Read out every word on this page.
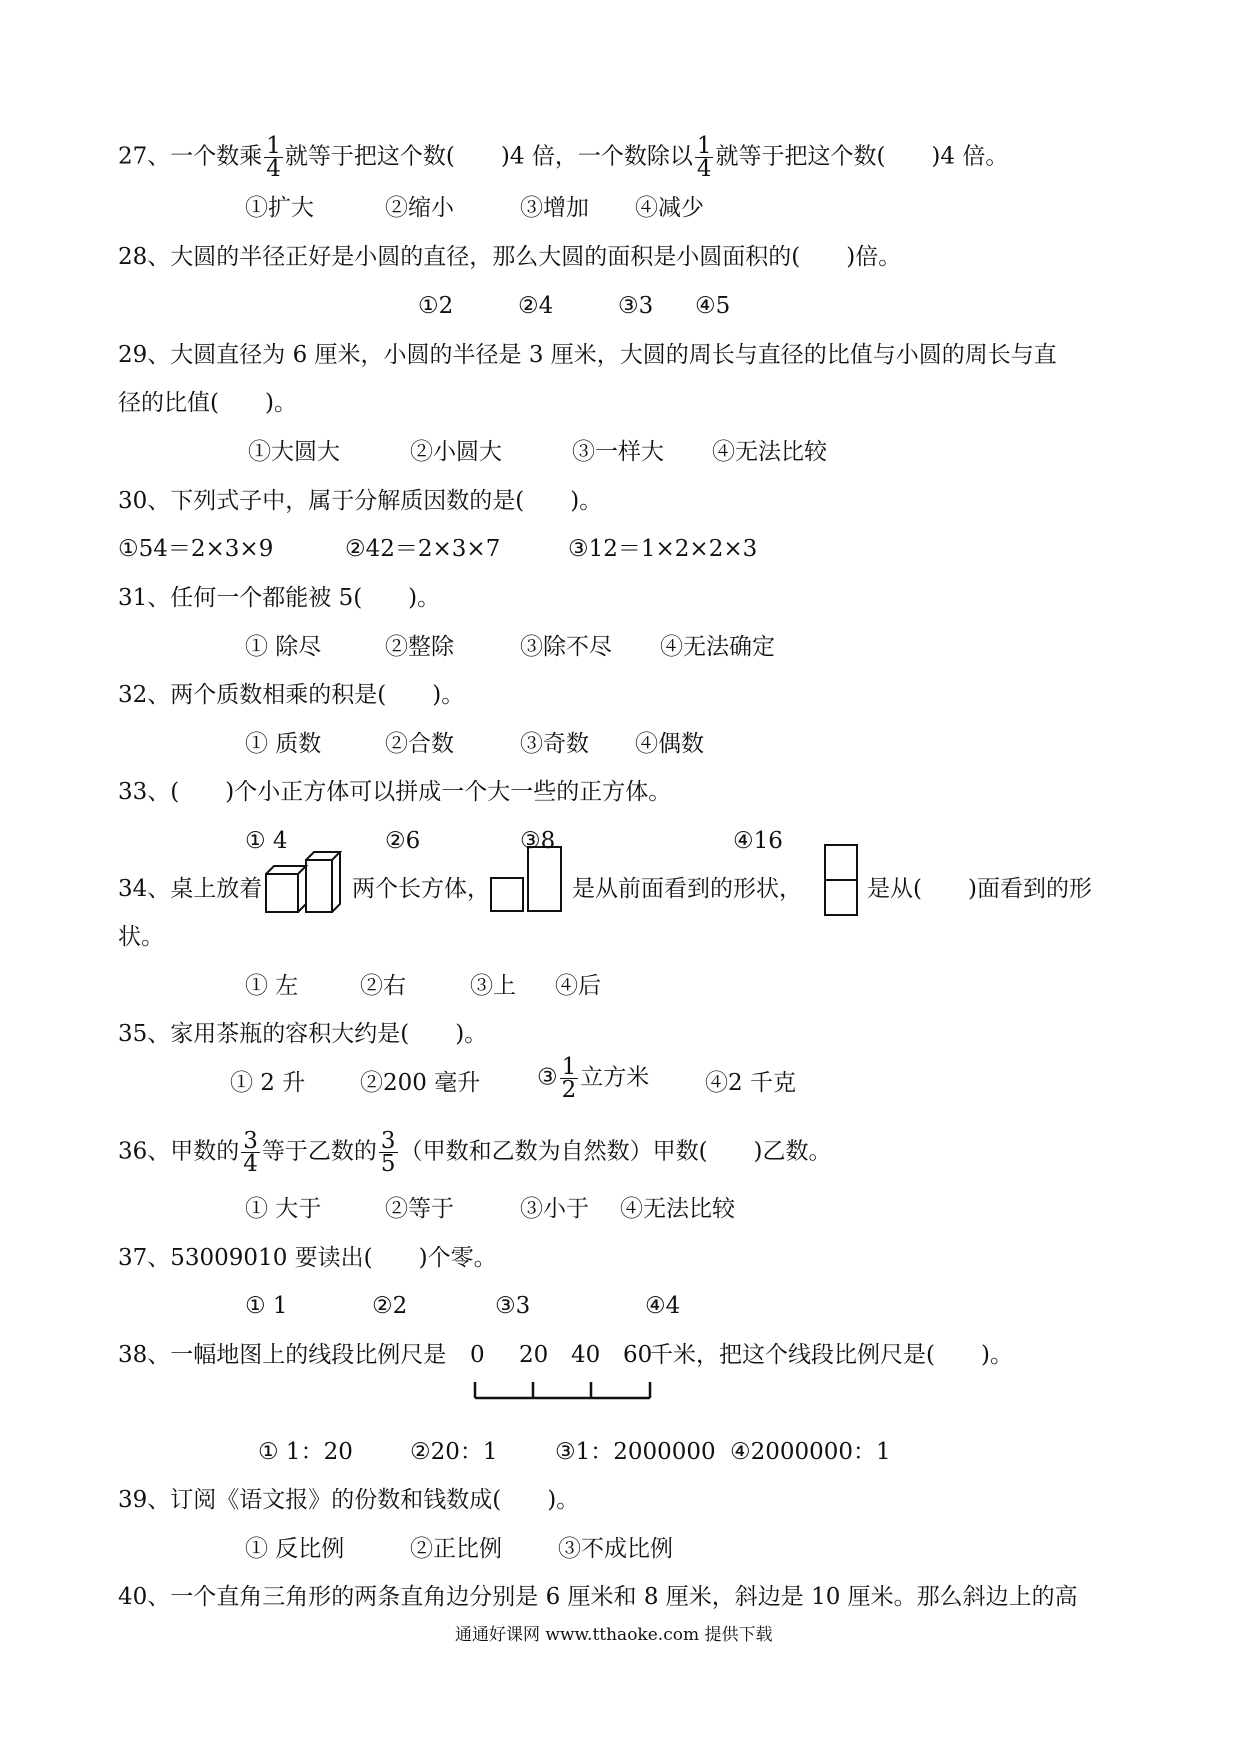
27、一个数乘 $\frac{1}{4}$ 就等于把这个数(　　)4 倍，一个数除以 $\frac{1}{4}$ 就等于把这个数(　　)4 倍。
①扩大	②缩小	③增加 ④减少
28、大圆的半径正好是小圆的直径，那么大圆的面积是小圆面积的(　　)倍。
①2	②4	③3 ④5
29、大圆直径为 6 厘米，小圆的半径是 3 厘米，大圆的周长与直径的比值与小圆的周长与直
径的比值(　　)。
①大圆大	②小圆大	③一样大 ④无法比较
30、下列式子中，属于分解质因数的是(　　)。
①54＝2×3×9	②42＝2×3×7	③12＝1×2×2×3
31、任何一个都能被 5(　　)。
① 除尽	②整除	③除不尽 ④无法确定
32、两个质数相乘的积是(　　)。
① 质数	②合数	③奇数 ④偶数
33、(　　)个小正方体可以拼成一个大一些的正方体。
① 4	②6	③8	④16
34、桌上放着	两个长方体，	是从前面看到的形状，	是从(　　)面看到的形
状。
① 左	②右	③上 ④后
35、家用茶瓶的容积大约是(　　)。
① 2 升 ②200 毫升 ③ $\frac{1}{2}$ 立方米 ④2 千克
36、甲数的 $\frac{3}{4}$ 等于乙数的 $\frac{3}{5}$ （甲数和乙数为自然数）甲数(　　)乙数。
① 大于	②等于	③小于 ④无法比较
37、53009010 要读出(　　)个零。
① 1	②2	③3	④4
38、一幅地图上的线段比例尺是 0 20 40 60
千米，把这个线段比例尺是(　　)。
① 1：20 ②20：1 ③1：2000000 ④2000000：1
39、订阅《语文报》的份数和钱数成(　　)。
① 反比例	②正比例 ③不成比例
40、一个直角三角形的两条直角边分别是 6 厘米和 8 厘米，斜边是 10 厘米。那么斜边上的高
通通好课网 www.tthaoke.com 提供下载
